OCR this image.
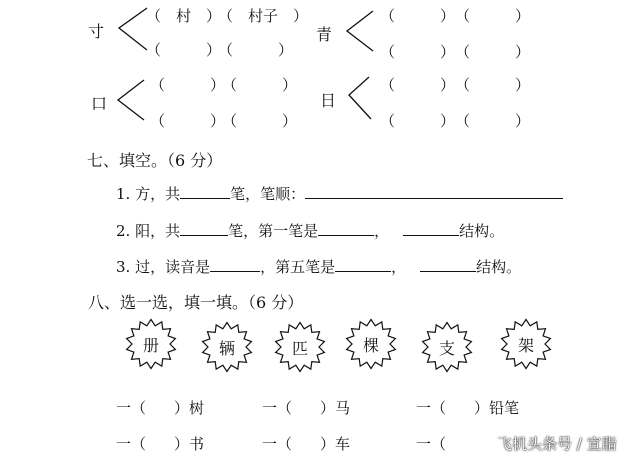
寸
（　村　）
（　村子　）
（　　　）
（　　　）
青
（　　　） （　　　）
（　　　） （　　　）
口
（　　　）
（　　　）
（　　　）
（　　　）
日
（　　　） （　　　）
（　　　） （　　　）
七、填空。（6 分）
1. 方，共	笔，笔顺：
2. 阳，共	笔，第一笔是	，	结构。
3. 过，读音是	，第五笔是	，	结构。
八、选一选，填一填。（6 分）
册	辆	匹	棵	支	架
一（ ）树	一（ ）马	一（ ）铅笔
一（ ）书	一（ ）车	一（	飞机头条号 / 宣脂
